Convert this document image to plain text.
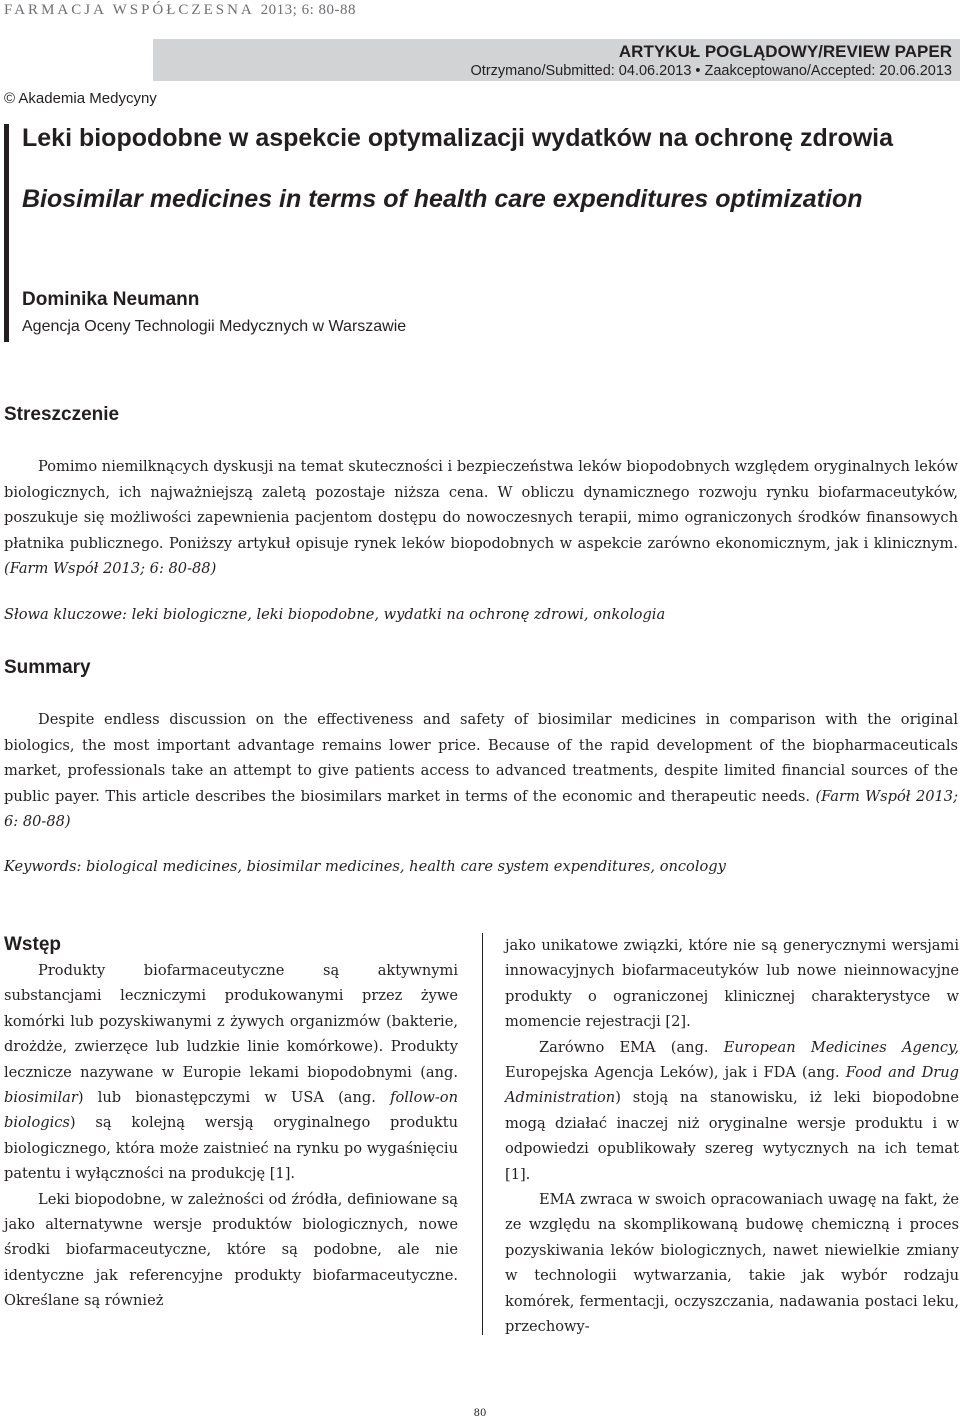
FARMACJA WSPÓŁCZESNA 2013; 6: 80-88
ARTYKUŁ POGLĄDOWY/REVIEW PAPER
Otrzymano/Submitted: 04.06.2013 • Zaakceptowano/Accepted: 20.06.2013
© Akademia Medycyny
Leki biopodobne w aspekcie optymalizacji wydatków na ochronę zdrowia
Biosimilar medicines in terms of health care expenditures optimization
Dominika Neumann
Agencja Oceny Technologii Medycznych w Warszawie
Streszczenie

Pomimo niemilknących dyskusji na temat skuteczności i bezpieczeństwa leków biopodobnych względem oryginalnych leków biologicznych, ich najważniejszą zaletą pozostaje niższa cena. W obliczu dynamicznego rozwoju rynku biofarmaceutyków, poszukuje się możliwości zapewnienia pacjentom dostępu do nowoczesnych terapii, mimo ograniczonych środków finansowych płatnika publicznego. Poniższy artykuł opisuje rynek leków biopodobnych w aspekcie zarówno ekonomicznym, jak i klinicznym. (Farm Współ 2013; 6: 80-88)

Słowa kluczowe: leki biologiczne, leki biopodobne, wydatki na ochronę zdrowi, onkologia
Summary

Despite endless discussion on the effectiveness and safety of biosimilar medicines in comparison with the original biologics, the most important advantage remains lower price. Because of the rapid development of the biopharmaceuticals market, professionals take an attempt to give patients access to advanced treatments, despite limited financial sources of the public payer. This article describes the biosimilars market in terms of the economic and therapeutic needs. (Farm Współ 2013; 6: 80-88)

Keywords: biological medicines, biosimilar medicines, health care system expenditures, oncology
Wstęp

Produkty biofarmaceutyczne są aktywnymi substancjami leczniczymi produkowanymi przez żywe komórki lub pozyskiwanymi z żywych organizmów (bakterie, drożdże, zwierzęce lub ludzkie linie komórkowe). Produkty lecznicze nazywane w Europie lekami biopodobnymi (ang. biosimilar) lub bionastępczymi w USA (ang. follow-on biologics) są kolejną wersją oryginalnego produktu biologicznego, która może zaistnieć na rynku po wygaśnięciu patentu i wyłączności na produkcję [1].

Leki biopodobne, w zależności od źródła, definiowane są jako alternatywne wersje produktów biologicznych, nowe środki biofarmaceutyczne, które są podobne, ale nie identyczne jak referencyjne produkty biofarmaceutyczne. Określane są również

jako unikatowe związki, które nie są generycznymi wersjami innowacyjnych biofarmaceutyków lub nowe nieinnowacyjne produkty o ograniczonej klinicznej charakterystyce w momencie rejestracji [2].

Zarówno EMA (ang. European Medicines Agency, Europejska Agencja Leków), jak i FDA (ang. Food and Drug Administration) stoją na stanowisku, iż leki biopodobne mogą działać inaczej niż oryginalne wersje produktu i w odpowiedzi opublikowały szereg wytycznych na ich temat [1].

EMA zwraca w swoich opracowaniach uwagę na fakt, że ze względu na skomplikowaną budowę chemiczną i proces pozyskiwania leków biologicznych, nawet niewielkie zmiany w technologii wytwarzania, takie jak wybór rodzaju komórek, fermentacji, oczyszczania, nadawania postaci leku, przechowy-

80
